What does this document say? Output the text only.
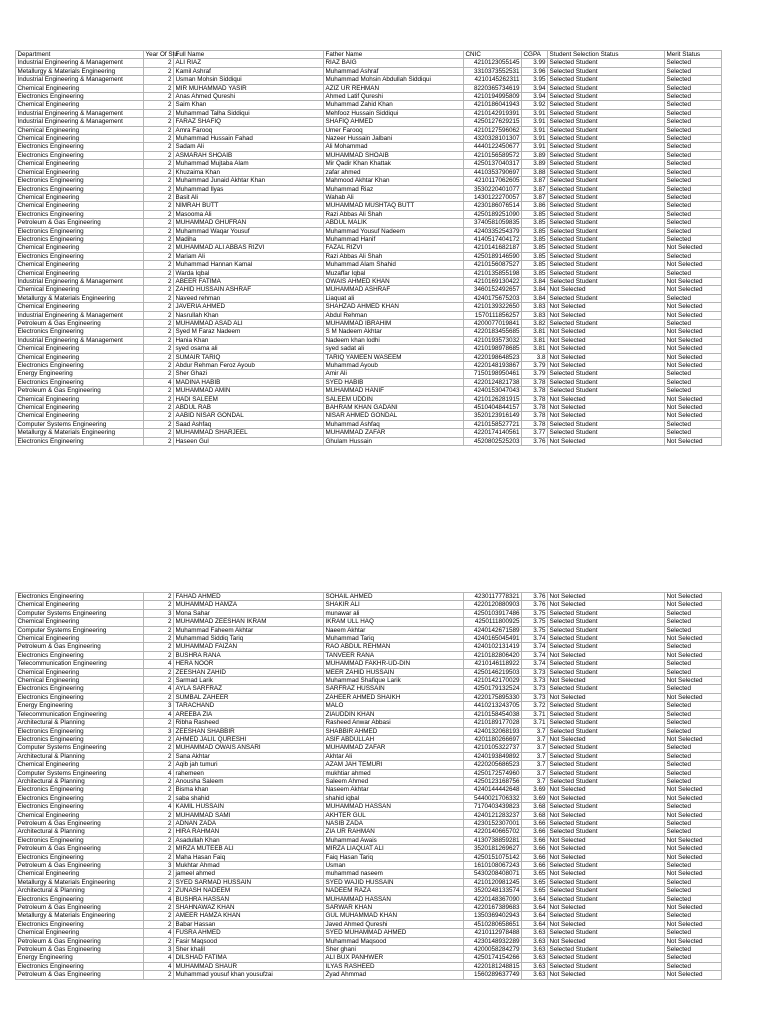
Department	Year Of Stu	Full Name	Father Name	CNIC	CGPA	Student Selection Status	Merit Status
Industrial Engineering & Management	2	ALI RIAZ	RIAZ BAIG	4210123055145	3.99	Selected Student	Selected
Metallurgy & Materials Engineering	2	Kamil Ashraf	Muhammad Ashraf	3310373552531	3.96	Selected Student	Selected
Industrial Engineering & Management	2	Usman Mohsin Siddiqui	Muhammad Mohsin Abdullah Siddiqui	4210145262311	3.95	Selected Student	Selected
Chemical Engineering	2	MIR MUHAMMAD YASIR	AZIZ UR REHMAN	8220365734619	3.94	Selected Student	Selected
Electronics Engineering	2	Anas Ahmed Qureshi	Ahmed Latif Qureshi	4210194995809	3.94	Selected Student	Selected
Chemical Engineering	2	Saim Khan	Muhammad Zahid Khan	4210186041943	3.92	Selected Student	Selected
Industrial Engineering & Management	2	Muhammad Talha Siddiqui	Mehfooz Hussain Siddiqui	4210142919391	3.91	Selected Student	Selected
Industrial Engineering & Management	2	FARAZ SHAFIQ	SHAFIQ AHMED	4250127629215	3.91	Selected Student	Selected
Chemical Engineering	2	Amra Farooq	Umer Farooq	4210127596062	3.91	Selected Student	Selected
Chemical Engineering	2	Muhammad Hussain Fahad	Nazeer Hussain Jalbani	4320328101307	3.91	Selected Student	Selected
Electronics Engineering	2	Sadam Ali	Ali Mohammad	4440122450677	3.91	Selected Student	Selected
Electronics Engineering	2	ASMARAH SHOAIB	MUHAMMAD SHOAIB	4210156589572	3.89	Selected Student	Selected
Chemical Engineering	2	Muhammad Mujtaba Alam	Mir Qadir Khan Khattak	4250137040317	3.89	Selected Student	Selected
Chemical Engineering	2	Khuzaima Khan	zafar ahmed	4410353790697	3.88	Selected Student	Selected
Electronics Engineering	2	Muhammad Junaid Akhtar Khan	Mahmood Akhtar Khan	4210117062605	3.87	Selected Student	Selected
Electronics Engineering	2	Muhammad Ilyas	Muhammad Riaz	3530220401077	3.87	Selected Student	Selected
Chemical Engineering	2	Basit Ali	Wahab Ali	1430122270057	3.87	Selected Student	Selected
Chemical Engineering	2	NIMRAH BUTT	MUHAMMAD MUSHTAQ BUTT	4230186076514	3.86	Selected Student	Selected
Electronics Engineering	2	Masooma Ali	Razi Abbas Ali Shah	4250189251090	3.85	Selected Student	Selected
Petroleum & Gas Engineering	2	MUHAMMAD GHUFRAN	ABDUL MALIK	3740581059835	3.85	Selected Student	Selected
Electronics Engineering	2	Muhammad Waqar Yousuf	Muhammad Yousuf Nadeem	4240335254379	3.85	Selected Student	Selected
Electronics Engineering	2	Madiha	Muhammad Hanif	4140517404172	3.85	Selected Student	Selected
Chemical Engineering	2	MUHAMMAD ALI ABBAS RIZVI	FAZAL RIZVI	4210141682187	3.85	Selected Student	Not Selected
Electronics Engineering	2	Mariam Ali	Razi Abbas Ali Shah	4250189146590	3.85	Selected Student	Selected
Chemical Engineering	2	Muhammad Hannan Kamal	Muhammad Alam Shahid	4210156087527	3.85	Selected Student	Not Selected
Chemical Engineering	2	Warda Iqbal	Muzaffar Iqbal	4210135855198	3.85	Selected Student	Selected
Industrial Engineering & Management	2	ABEER FATIMA	OWAIS AHMED KHAN	4210169130422	3.84	Selected Student	Not Selected
Chemical Engineering	2	ZAHID HUSSAIN ASHRAF	MUHAMMAD ASHRAF	3460152492657	3.84	Not Selected	Not Selected
Metallurgy & Materials Engineering	2	Naveed rehman	Liaquat ali	4240175675203	3.84	Selected Student	Selected
Chemical Engineering	2	JAVERIA AHMED	SHAHZAD AHMED KHAN	4210139322650	3.83	Not Selected	Not Selected
Industrial Engineering & Management	2	Nasrullah Khan	Abdul Rehman	1570111856257	3.83	Not Selected	Not Selected
Petroleum & Gas Engineering	2	MUHAMMAD ASAD ALI	MUHAMMAD IBRAHIM	4200077019841	3.82	Selected Student	Selected
Electronics Engineering	2	Syed M Faraz Nadeem	S M Nadeem Akhtar	4220183455685	3.81	Not Selected	Not Selected
Industrial Engineering & Management	2	Hania Khan	Nadeem khan lodhi	4210193573032	3.81	Not Selected	Not Selected
Chemical Engineering	2	syed osama ali	syed sadat ali	4210198978685	3.81	Not Selected	Not Selected
Chemical Engineering	2	SUMAIR TARIQ	TARIQ YAMEEN WASEEM	4220198648523	3.8	Not Selected	Not Selected
Electronics Engineering	2	Abdur Rehman Feroz Ayoub	Muhammad Ayoub	4220148193867	3.79	Not Selected	Not Selected
Energy Engineering	2	Sher Ghazi	Amir Ali	7150198950461	3.79	Selected Student	Selected
Electronics Engineering	4	MADINA HABIB	SYED HABIB	4220124821738	3.78	Selected Student	Selected
Petroleum & Gas Engineering	2	MUHAMMAD AMIN	MUHAMMAD HANIF	4240153047043	3.78	Selected Student	Selected
Chemical Engineering	2	HADI SALEEM	SALEEM UDDIN	4210126281915	3.78	Not Selected	Not Selected
Chemical Engineering	2	ABDUL RAB	BAHRAM KHAN GADANI	4510404844157	3.78	Not Selected	Not Selected
Chemical Engineering	2	AABID NISAR GONDAL	NISAR AHMED GONDAL	3520123916149	3.78	Not Selected	Not Selected
Computer Systems Engineering	2	Saad Ashfaq	Muhammad Ashfaq	4210158527721	3.78	Selected Student	Selected
Metallurgy & Materials Engineering	2	MUHAMMAD SHARJEEL	MUHAMMAD ZAFAR	4220174140561	3.77	Selected Student	Selected
Electronics Engineering	2	Haseen Gul	Ghulam Hussain	4520802525203	3.76	Not Selected	Not Selected
Electronics Engineering	2	FAHAD AHMED	SOHAIL AHMED	4230117778321	3.76	Not Selected	Not Selected
Chemical Engineering	2	MUHAMMAD HAMZA	SHAKIR ALI	4220120880903	3.76	Not Selected	Not Selected
Computer Systems Engineering	3	Mona Sahar	munawar ali	4250103917486	3.75	Selected Student	Selected
Chemical Engineering	2	MUHAMMAD ZEESHAN IKRAM	IKRAM ULL HAQ	4250111800925	3.75	Selected Student	Selected
Computer Systems Engineering	2	Muhammad Faheem Akhtar	Naeem Akhtar	4240142671589	3.75	Selected Student	Selected
Chemical Engineering	2	Muhammad Siddiq Tariq	Muhammad Tariq	4240165045491	3.74	Selected Student	Not Selected
Petroleum & Gas Engineering	2	MUHAMMAD FAIZAN	RAO ABDUL REHMAN	4240102131419	3.74	Selected Student	Selected
Electronics Engineering	2	BUSHRA RANA	TANVEER RANA	4210182806420	3.74	Not Selected	Not Selected
Telecommunication Engineering	4	HERA NOOR	MUHAMMAD FAKHR-UD-DIN	4210146118922	3.74	Selected Student	Selected
Chemical Engineering	2	ZEESHAN ZAHID	MEER ZAHID HUSSAIN	4250146219503	3.73	Selected Student	Selected
Chemical Engineering	2	Sarmad Larik	Muhammad Shafique Larik	4210142170029	3.73	Not Selected	Not Selected
Electronics Engineering	4	AYLA SARFRAZ	SARFRAZ HUSSAIN	4250179132524	3.73	Selected Student	Selected
Electronics Engineering	2	SUMBAL ZAHEER	ZAHEER AHMED SHAIKH	4220175895330	3.73	Not Selected	Not Selected
Energy Engineering	3	TARACHAND	MALO	4410213243705	3.72	Selected Student	Selected
Telecommunication Engineering	4	AREEBA ZIA	ZIAUDDIN KHAN	4210158454038	3.71	Selected Student	Selected
Architectural & Planning	2	Ribha Rasheed	Rasheed Anwar Abbasi	4210189177028	3.71	Selected Student	Selected
Electronics Engineering	3	ZEESHAN SHABBIR	SHABBIR AHMED	4240132068193	3.7	Selected Student	Selected
Electronics Engineering	2	AHMED JALIL QURESHI	ASIF ABDULLAH	4201180266697	3.7	Not Selected	Not Selected
Computer Systems Engineering	2	MUHAMMAD OWAIS ANSARI	MUHAMMAD ZAFAR	4210105322737	3.7	Selected Student	Selected
Architectural & Planning	2	Sana Akhtar	Akhtar Ali	4240193849892	3.7	Selected Student	Selected
Chemical Engineering	2	Aqib jah tumuri	AZAM JAH TEMURI	4220205686523	3.7	Selected Student	Selected
Computer Systems Engineering	4	rahemeen	mukhtiar ahmed	4250172574960	3.7	Selected Student	Selected
Architectural & Planning	2	Anousha Saleem	Saleem Ahmed	4250123168756	3.7	Selected Student	Selected
Electronics Engineering	2	Bisma khan	Naseem Akhtar	4240144442648	3.69	Not Selected	Not Selected
Electronics Engineering	2	saba shahid	shahid iqbal	5440021706332	3.69	Not Selected	Not Selected
Electronics Engineering	4	KAMIL HUSSAIN	MUHAMMAD HASSAN	7170403439823	3.68	Selected Student	Selected
Chemical Engineering	2	MUHAMMAD SAMI	AKHTER GUL	4240121283237	3.68	Not Selected	Not Selected
Petroleum & Gas Engineering	2	ADNAN ZADA	NASIB ZADA	4230152307001	3.66	Selected Student	Selected
Architectural & Planning	2	HIRA RAHMAN	ZIA UR RAHMAN	4220140665702	3.66	Selected Student	Selected
Electronics Engineering	2	Asadullah Khan	Muhammad Awais	4130738859281	3.66	Not Selected	Not Selected
Petroleum & Gas Engineering	2	MIRZA MUTEEB ALI	MIRZA LIAQUAT ALI	3520181269627	3.66	Not Selected	Not Selected
Electronics Engineering	2	Maha Hasan Faiq	Faiq Hasan Tariq	4250151075142	3.66	Not Selected	Not Selected
Petroleum & Gas Engineering	3	Mukhtar Ahmad	Usman	1610108067243	3.66	Selected Student	Selected
Chemical Engineering	2	jameel ahmed	muhammad naseem	5430208408071	3.65	Not Selected	Not Selected
Metallurgy & Materials Engineering	2	SYED SARMAD HUSSAIN	SYED WAJID HUSSAIN	4210120981245	3.65	Selected Student	Selected
Architectural & Planning	2	ZUNASH NADEEM	NADEEM RAZA	3520248133574	3.65	Selected Student	Selected
Electronics Engineering	4	BUSHRA HASSAN	MUHAMMAD HASSAN	4220148367090	3.64	Selected Student	Selected
Petroleum & Gas Engineering	2	SHAHNAWAZ KHAN	SARWAR KHAN	4220167389683	3.64	Not Selected	Not Selected
Metallurgy & Materials Engineering	2	AMEER HAMZA KHAN	GUL MUHAMMAD KHAN	1350369402943	3.64	Selected Student	Selected
Electronics Engineering	2	Babar Hassan	Javed Ahmed Qureshi	4510280658651	3.64	Not Selected	Not Selected
Chemical Engineering	4	FUSRA AHMED	SYED MUHAMMAD AHMED	4210112978488	3.63	Selected Student	Selected
Petroleum & Gas Engineering	2	Fasir Maqsood	Muhammad Maqsood	4230148932289	3.63	Not Selected	Not Selected
Petroleum & Gas Engineering	3	Sher khalil	Sher ghani	4200058284279	3.63	Selected Student	Selected
Energy Engineering	4	DILSHAD FATIMA	ALI BUX PANHWER	4250174154266	3.63	Selected Student	Selected
Electronics Engineering	4	MUHAMMAD SHAUR	ILYAS RASHEED	4220181248815	3.63	Selected Student	Selected
Petroleum & Gas Engineering	2	Muhammad yousuf khan yousufzai	Zyad Ahmmad	1560289637749	3.63	Not Selected	Not Selected
